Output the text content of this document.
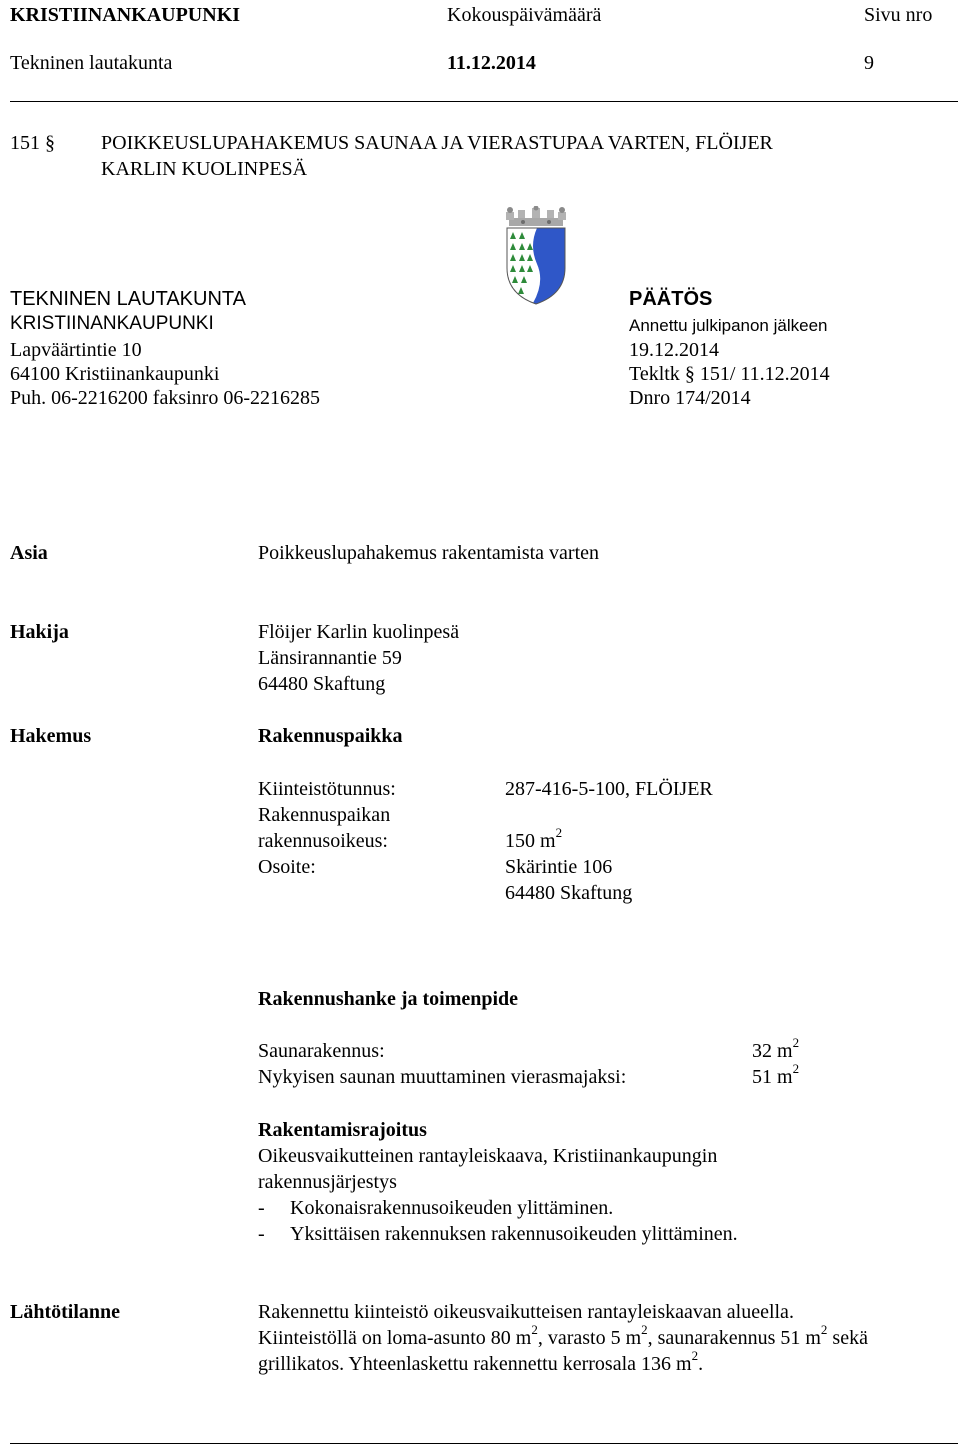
KRISTIINANKAUPUNKI	Kokouspäivämäärä	Sivu nro
Tekninen lautakunta	11.12.2014	9
151 § POIKKEUSLUPAHAKEMUS SAUNAA JA VIERASTUPAA VARTEN, FLÖIJER
KARLIN KUOLINPESÄ
TEKNINEN LAUTAKUNTA
KRISTIINANKAUPUNKI
Lapväärtintie 10
64100 Kristiinankaupunki
Puh. 06-2216200 faksinro 06-2216285
PÄÄTÖS
Annettu julkipanon jälkeen
19.12.2014
Tekltk § 151/ 11.12.2014
Dnro 174/2014
Asia	Poikkeuslupahakemus rakentamista varten
Hakija	Flöijer Karlin kuolinpesä
Länsirannantie 59
64480 Skaftung
Hakemus	Rakennuspaikka
Kiinteistötunnus:	287-416-5-100, FLÖIJER
Rakennuspaikan
rakennusoikeus:	150 $m^2$
Osoite:	Skärintie 106
64480 Skaftung
Rakennushanke ja toimenpide
Saunarakennus:	32 $m^2$
Nykyisen saunan muuttaminen vierasmajaksi:	51 $m^2$
Rakentamisrajoitus
Oikeusvaikutteinen rantayleiskaava, Kristiinankaupungin
rakennusjärjestys
- Kokonaisrakennusoikeuden ylittäminen.
- Yksittäisen rakennuksen rakennusoikeuden ylittäminen.
Lähtötilanne	Rakennettu kiinteistö oikeusvaikutteisen rantayleiskaavan alueella.
Kiinteistöllä on loma-asunto 80 $m^2$, varasto 5 $m^2$, saunarakennus 51 $m^2$ sekä
grillikatos. Yhteenlaskettu rakennettu kerrosala 136 $m^2$.
